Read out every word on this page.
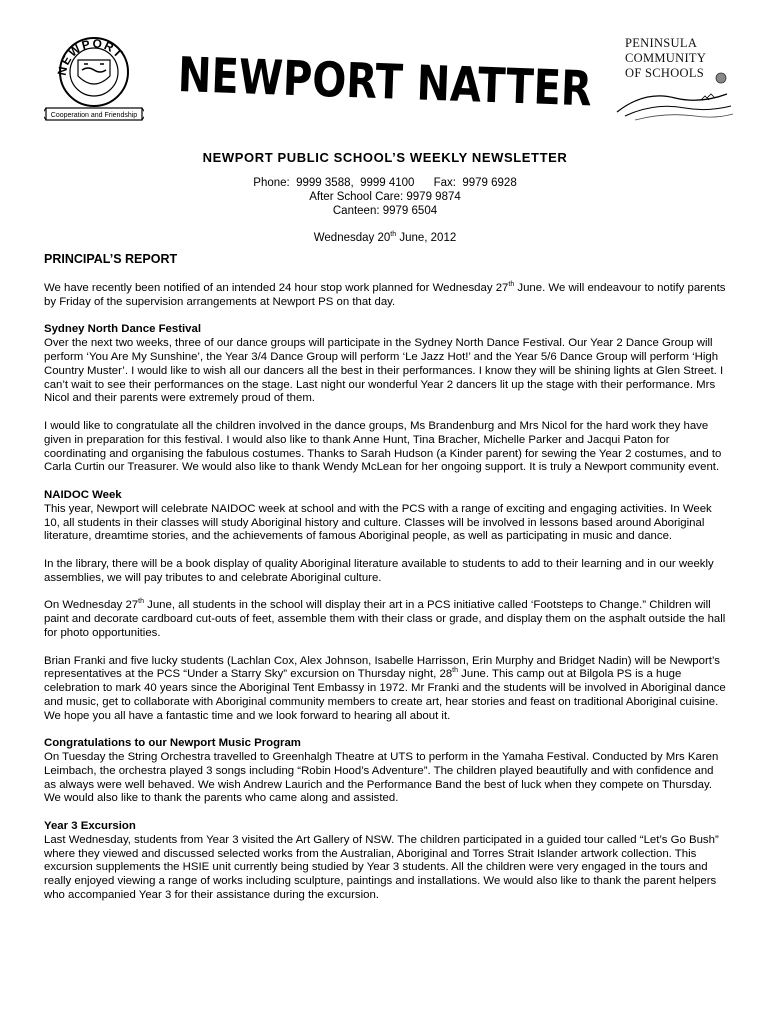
NEWPORT
Cooperation and Friendship
NEWPORT NATTER
PENINSULA
COMMUNITY
OF SCHOOLS
NEWPORT PUBLIC SCHOOL’S WEEKLY NEWSLETTER
Phone:  9999 3588,  9999 4100      Fax:  9979 6928
After School Care: 9979 9874
Canteen: 9979 6504
Wednesday 20th June, 2012
PRINCIPAL’S REPORT

We have recently been notified of an intended 24 hour stop work planned for Wednesday 27th June. We will endeavour to notify parents by Friday of the supervision arrangements at Newport PS on that day.

Sydney North Dance Festival

Over the next two weeks, three of our dance groups will participate in the Sydney North Dance Festival. Our Year 2 Dance Group will perform ‘You Are My Sunshine’, the Year 3/4 Dance Group will perform ‘Le Jazz Hot!’ and the Year 5/6 Dance Group will perform ‘High Country Muster’. I would like to wish all our dancers all the best in their performances. I know they will be shining lights at Glen Street. I can’t wait to see their performances on the stage. Last night our wonderful Year 2 dancers lit up the stage with their performance. Mrs Nicol and their parents were extremely proud of them.

I would like to congratulate all the children involved in the dance groups, Ms Brandenburg and Mrs Nicol for the hard work they have given in preparation for this festival. I would also like to thank Anne Hunt, Tina Bracher, Michelle Parker and Jacqui Paton for coordinating and organising the fabulous costumes. Thanks to Sarah Hudson (a Kinder parent) for sewing the Year 2 costumes, and to Carla Curtin our Treasurer. We would also like to thank Wendy McLean for her ongoing support. It is truly a Newport community event.

NAIDOC Week

This year, Newport will celebrate NAIDOC week at school and with the PCS with a range of exciting and engaging activities. In Week 10, all students in their classes will study Aboriginal history and culture. Classes will be involved in lessons based around Aboriginal literature, dreamtime stories, and the achievements of famous Aboriginal people, as well as participating in music and dance.

In the library, there will be a book display of quality Aboriginal literature available to students to add to their learning and in our weekly assemblies, we will pay tributes to and celebrate Aboriginal culture.

On Wednesday 27th June, all students in the school will display their art in a PCS initiative called ‘Footsteps to Change.” Children will paint and decorate cardboard cut-outs of feet, assemble them with their class or grade, and display them on the asphalt outside the hall for photo opportunities.

Brian Franki and five lucky students (Lachlan Cox, Alex Johnson, Isabelle Harrisson, Erin Murphy and Bridget Nadin) will be Newport’s representatives at the PCS “Under a Starry Sky” excursion on Thursday night, 28th June. This camp out at Bilgola PS is a huge celebration to mark 40 years since the Aboriginal Tent Embassy in 1972. Mr Franki and the students will be involved in Aboriginal dance and music, get to collaborate with Aboriginal community members to create art, hear stories and feast on traditional Aboriginal cuisine. We hope you all have a fantastic time and we look forward to hearing all about it.

Congratulations to our Newport Music Program

On Tuesday the String Orchestra travelled to Greenhalgh Theatre at UTS to perform in the Yamaha Festival. Conducted by Mrs Karen Leimbach, the orchestra played 3 songs including “Robin Hood’s Adventure”. The children played beautifully and with confidence and as always were well behaved. We wish Andrew Laurich and the Performance Band the best of luck when they compete on Thursday. We would also like to thank the parents who came along and assisted.

Year 3 Excursion

Last Wednesday, students from Year 3 visited the Art Gallery of NSW. The children participated in a guided tour called “Let’s Go Bush” where they viewed and discussed selected works from the Australian, Aboriginal and Torres Strait Islander artwork collection. This excursion supplements the HSIE unit currently being studied by Year 3 students. All the children were very engaged in the tours and really enjoyed viewing a range of works including sculpture, paintings and installations. We would also like to thank the parent helpers who accompanied Year 3 for their assistance during the excursion.
